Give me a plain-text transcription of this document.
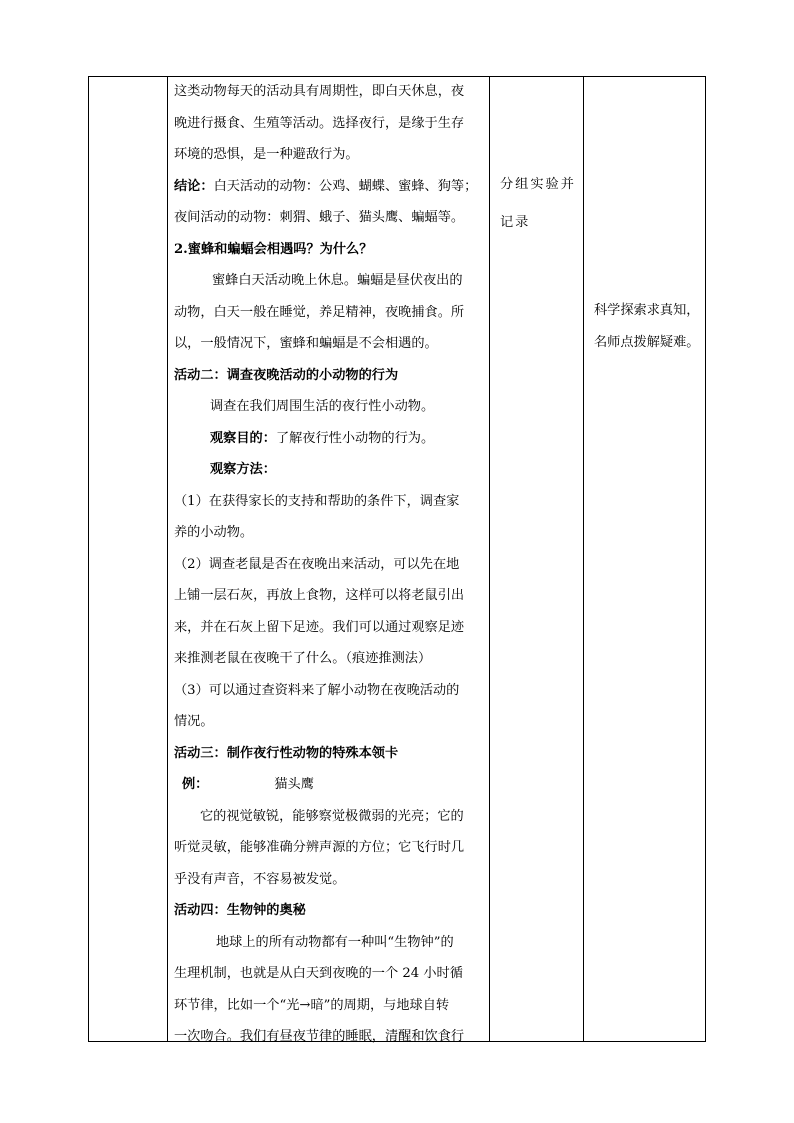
这类动物每天的活动具有周期性，即白天休息，夜
晚进行摄食、生殖等活动。选择夜行，是缘于生存
环境的恐惧，是一种避敌行为。
结论：白天活动的动物：公鸡、蝴蝶、蜜蜂、狗等；
夜间活动的动物：刺猬、蛾子、猫头鹰、蝙蝠等。
2.蜜蜂和蝙蝠会相遇吗？为什么？
蜜蜂白天活动晚上休息。蝙蝠是昼伏夜出的
动物，白天一般在睡觉，养足精神，夜晚捕食。所
以，一般情况下，蜜蜂和蝙蝠是不会相遇的。
活动二：调查夜晚活动的小动物的行为
调查在我们周围生活的夜行性小动物。
观察目的：了解夜行性小动物的行为。
观察方法：
（1）在获得家长的支持和帮助的条件下，调查家
养的小动物。
（2）调查老鼠是否在夜晚出来活动，可以先在地
上铺一层石灰，再放上食物，这样可以将老鼠引出
来，并在石灰上留下足迹。我们可以通过观察足迹
来推测老鼠在夜晚干了什么。（痕迹推测法）
（3）可以通过查资料来了解小动物在夜晚活动的
情况。
活动三：制作夜行性动物的特殊本领卡
例：	猫头鹰
它的视觉敏锐，能够察觉极微弱的光亮；它的
听觉灵敏，能够准确分辨声源的方位；它飞行时几
乎没有声音，不容易被发觉。
活动四：生物钟的奥秘
地球上的所有动物都有一种叫“生物钟”的
生理机制，也就是从白天到夜晚的一个 24 小时循
环节律，比如一个“光→暗”的周期，与地球自转
一次吻合。我们有昼夜节律的睡眠，清醒和饮食行
分组实验并
记录
科学探索求真知，
名师点拨解疑难。
